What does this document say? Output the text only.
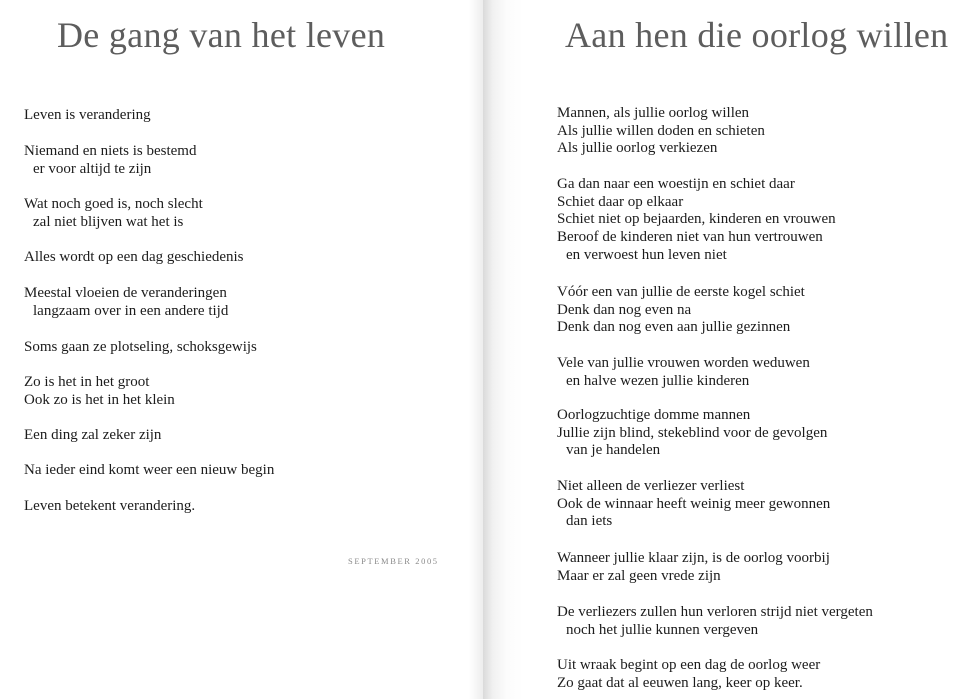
De gang van het leven
Leven is verandering
Niemand en niets is bestemd
er voor altijd te zijn
Wat noch goed is, noch slecht
zal niet blijven wat het is
Alles wordt op een dag geschiedenis
Meestal vloeien de veranderingen
langzaam over in een andere tijd
Soms gaan ze plotseling, schoksgewijs
Zo is het in het groot
Ook zo is het in het klein
Een ding zal zeker zijn
Na ieder eind komt weer een nieuw begin
Leven betekent verandering.
SEPTEMBER 2005
Aan hen die oorlog willen
Mannen, als jullie oorlog willen
Als jullie willen doden en schieten
Als jullie oorlog verkiezen
Ga dan naar een woestijn en schiet daar
Schiet daar op elkaar
Schiet niet op bejaarden, kinderen en vrouwen
Beroof de kinderen niet van hun vertrouwen
en verwoest hun leven niet
Vóór een van jullie de eerste kogel schiet
Denk dan nog even na
Denk dan nog even aan jullie gezinnen
Vele van jullie vrouwen worden weduwen
en halve wezen jullie kinderen
Oorlogzuchtige domme mannen
Jullie zijn blind, stekeblind voor de gevolgen
van je handelen
Niet alleen de verliezer verliest
Ook de winnaar heeft weinig meer gewonnen
dan iets
Wanneer jullie klaar zijn, is de oorlog voorbij
Maar er zal geen vrede zijn
De verliezers zullen hun verloren strijd niet vergeten
noch het jullie kunnen vergeven
Uit wraak begint op een dag de oorlog weer
Zo gaat dat al eeuwen lang, keer op keer.
